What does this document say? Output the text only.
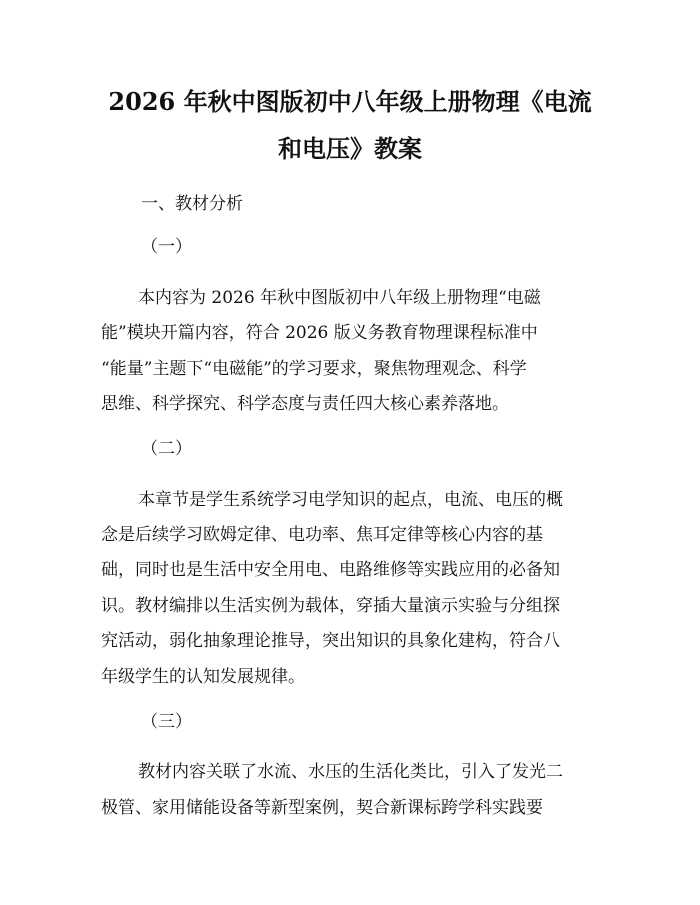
2026 年秋中图版初中八年级上册物理《电流
和电压》教案

一、教材分析

（一）

本内容为 2026 年秋中图版初中八年级上册物理“电磁

能”模块开篇内容，符合 2026 版义务教育物理课程标准中

“能量”主题下“电磁能”的学习要求，聚焦物理观念、科学

思维、科学探究、科学态度与责任四大核心素养落地。

（二）

本章节是学生系统学习电学知识的起点，电流、电压的概

念是后续学习欧姆定律、电功率、焦耳定律等核心内容的基

础，同时也是生活中安全用电、电路维修等实践应用的必备知

识。教材编排以生活实例为载体，穿插大量演示实验与分组探

究活动，弱化抽象理论推导，突出知识的具象化建构，符合八

年级学生的认知发展规律。

（三）

教材内容关联了水流、水压的生活化类比，引入了发光二

极管、家用储能设备等新型案例，契合新课标跨学科实践要
